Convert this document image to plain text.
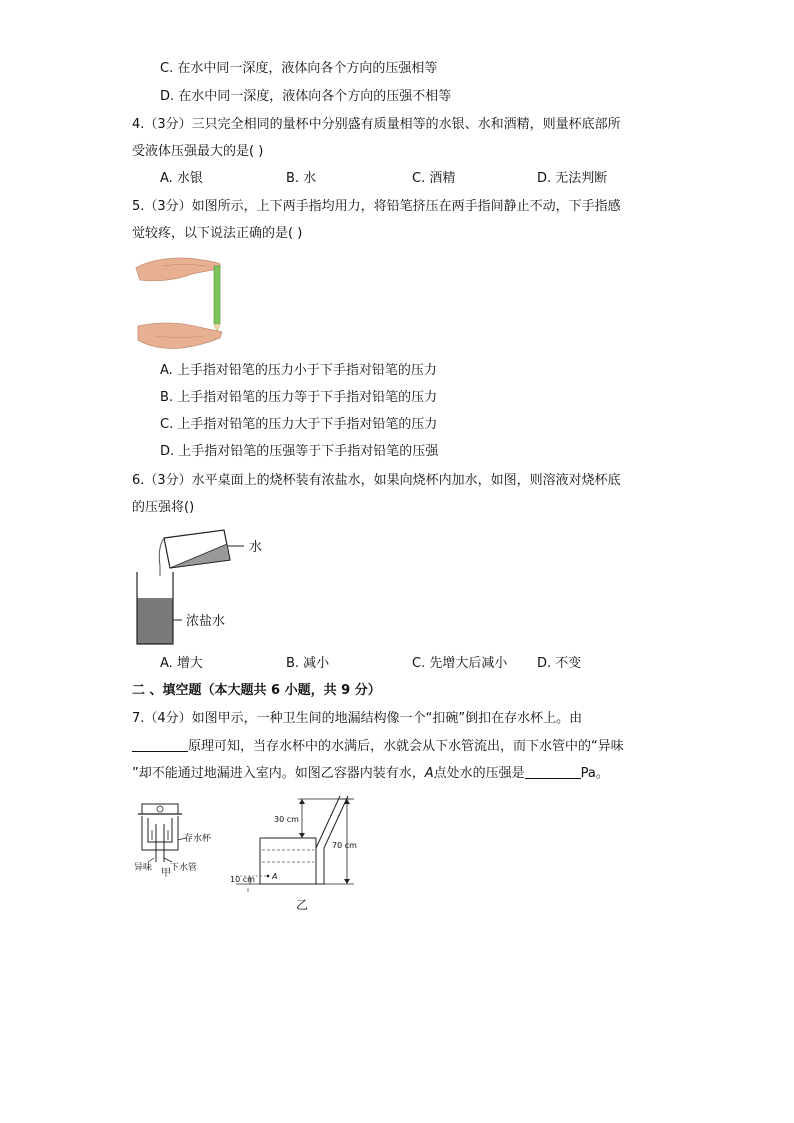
C. 在水中同一深度，液体向各个方向的压强相等
D. 在水中同一深度，液体向各个方向的压强不相等
4.（3分）三只完全相同的量杯中分别盛有质量相等的水银、水和酒精，则量杯底部所
受液体压强最大的是( )
A. 水银	B. 水	C. 酒精	D. 无法判断
5.（3分）如图所示，上下两手指均用力，将铅笔挤压在两手指间静止不动，下手指感
觉较疼，以下说法正确的是( )
A. 上手指对铅笔的压力小于下手指对铅笔的压力
B. 上手指对铅笔的压力等于下手指对铅笔的压力
C. 上手指对铅笔的压力大于下手指对铅笔的压力
D. 上手指对铅笔的压强等于下手指对铅笔的压强
6.（3分）水平桌面上的烧杯装有浓盐水，如果向烧杯内加水，如图，则溶液对烧杯底
的压强将()
水
浓盐水
A. 增大	B. 减小	C. 先增大后减小 D. 不变
二 、填空题（本大题共 6 小题，共 9 分）
7.（4分）如图甲示，一种卫生间的地漏结构像一个“扣碗”倒扣在存水杯上。由
原理可知，当存水杯中的水满后，水就会从下水管流出，而下水管中的“异味
”却不能通过地漏进入室内。如图乙容器内装有水，A点处水的压强是	Pa。
存水杯
异味 下水管
甲
30 cm
A
70 cm
10 cm
乙
